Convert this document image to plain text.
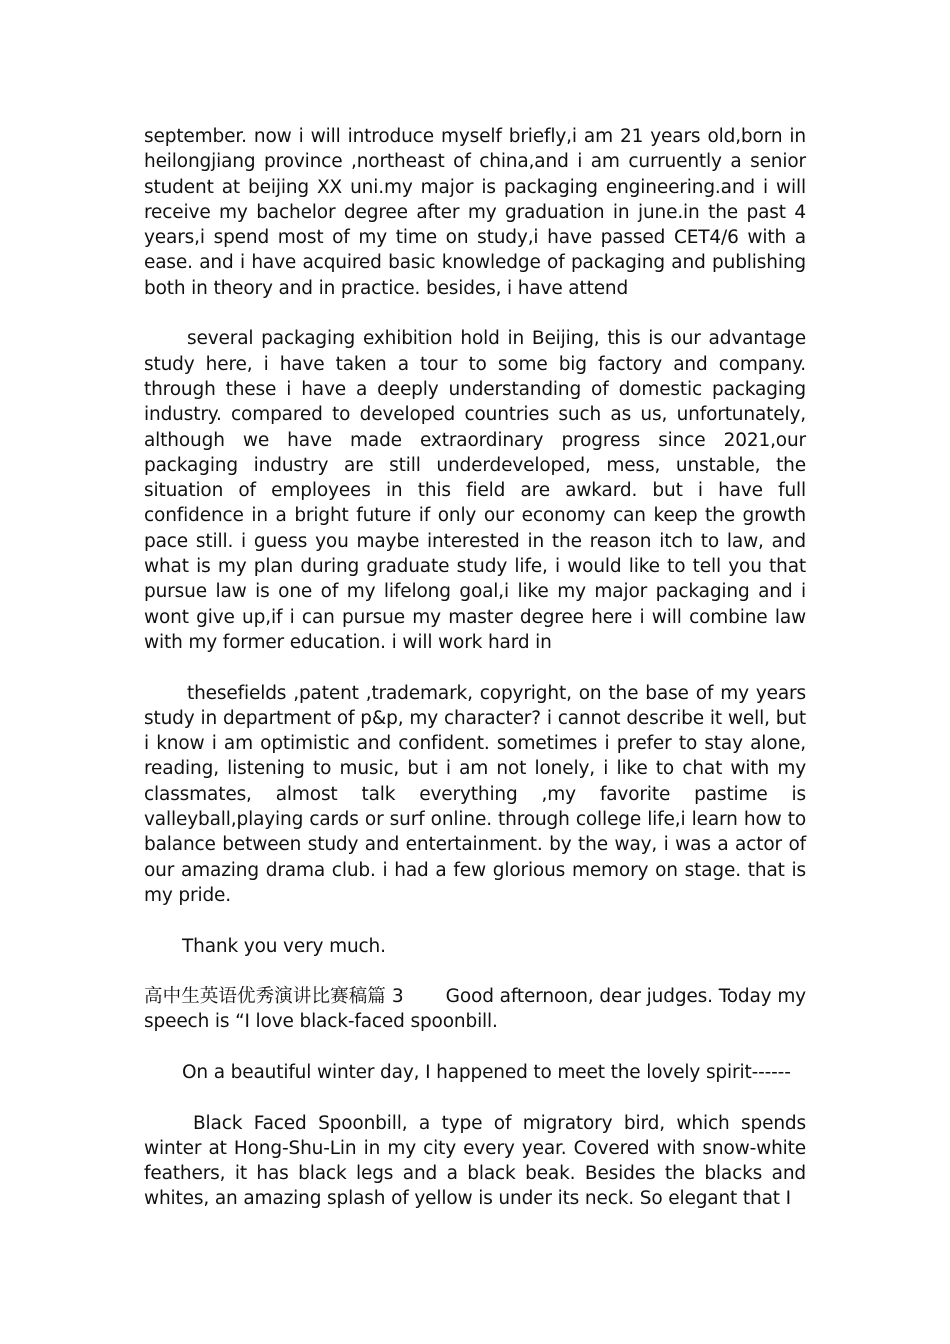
september. now i will introduce myself briefly,i am 21 years old,born in heilongjiang province ,northeast of china,and i am curruently a senior student at beijing XX uni.my major is packaging engineering.and i will receive my bachelor degree after my graduation in june.in the past 4 years,i spend most of my time on study,i have passed CET4/6 with a ease. and i have acquired basic knowledge of packaging and publishing both in theory and in practice. besides, i have attend

several packaging exhibition hold in Beijing, this is our advantage study here, i have taken a tour to some big factory and company. through these i have a deeply understanding of domestic packaging industry. compared to developed countries such as us, unfortunately, although we have made extraordinary progress since 2021,our packaging industry are still underdeveloped, mess, unstable, the situation of employees in this field are awkard. but i have full confidence in a bright future if only our economy can keep the growth pace still. i guess you maybe interested in the reason itch to law, and what is my plan during graduate study life, i would like to tell you that pursue law is one of my lifelong goal,i like my major packaging and i wont give up,if i can pursue my master degree here i will combine law with my former education. i will work hard in

thesefields ,patent ,trademark, copyright, on the base of my years study in department of p&p, my character? i cannot describe it well, but i know i am optimistic and confident. sometimes i prefer to stay alone, reading, listening to music, but i am not lonely, i like to chat with my classmates, almost talk everything ,my favorite pastime is valleyball,playing cards or surf online. through college life,i learn how to balance between study and entertainment. by the way, i was a actor of our amazing drama club. i had a few glorious memory on stage. that is my pride.

Thank you very much.

高中生英语优秀演讲比赛稿篇 3 Good afternoon, dear judges. Today my speech is “I love black-faced spoonbill.

On a beautiful winter day, I happened to meet the lovely spirit------

Black Faced Spoonbill, a type of migratory bird, which spends winter at Hong-Shu-Lin in my city every year. Covered with snow-white feathers, it has black legs and a black beak. Besides the blacks and whites, an amazing splash of yellow is under its neck. So elegant that I
